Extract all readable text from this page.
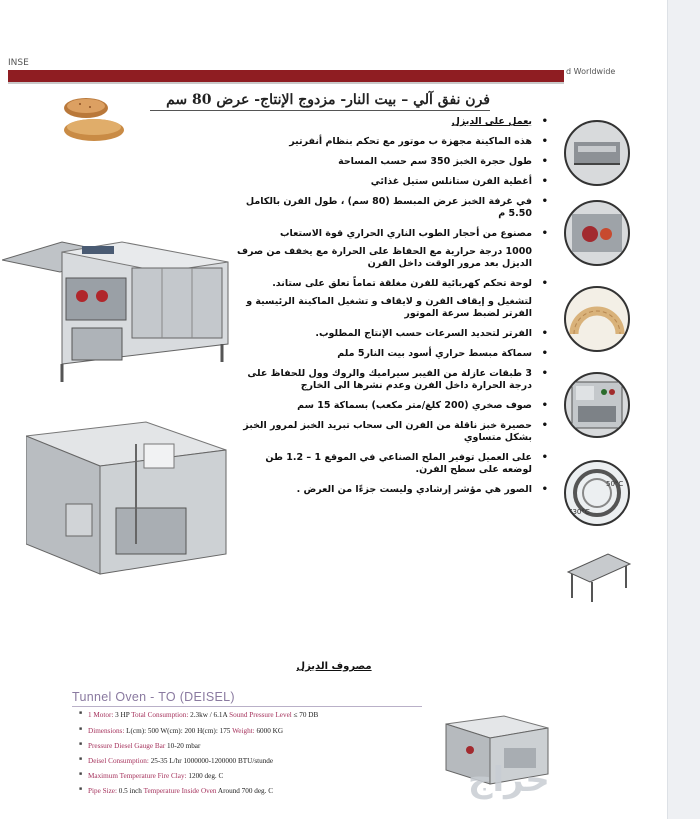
INSE
d Worldwide
فرن نفق آلي – بيت النار- مزدوج الإنتاج- عرض 80 سم
• يعمل على الديزل
• هذه الماكينة مجهزة ب موتور مع تحكم بنظام أنفرتير
• طول حجرة الخبز 350 سم حسب المساحة
• أغطية الفرن ستانلس ستيل غذائي
• في غرفة الخبز عرض المبسط (80 سم) ، طول الفرن بالكامل 5.50 م
• مصنوع من أحجار الطوب الناري الحراري قوة الاستعاب
1000 درجة حرارية مع الحفاظ على الحرارة مع يخفف من صرف الديزل بعد مرور الوقت داخل الفرن
• لوحة تحكم كهربائية للفرن مغلقة تماماً تعلق على ستاند.
لتشغيل و إيقاف الفرن و لايقاف و تشغيل الماكينة الرئيسية و الفرتر لضبط سرعة الموتور
• الفرتر لتحديد السرعات حسب الإنتاج المطلوب.
• سماكة مبسط حراري أسود بيت النار5 ملم
• 3 طبقات عازلة من الفيبر سيراميك والروك وول للحفاظ على درجة الحرارة داخل الفرن وعدم نشرها الى الخارج
• صوف صخري (200 كلغ/متر مكعب) بسماكة 15 سم
• حصيرة خبز ناقلة من الفرن الى سحاب تبريد الخبز لمرور الخبز بشكل متساوي
• على العميل توفير الملح الصناعي في الموقع 1 – 1.2 طن لوضعه على سطح الفرن.
• الصور هي مؤشر إرشادي وليست جزءًا من العرض .	50°C
730°C
مصروف الديزل
Tunnel Oven - TO (DEISEL)
■ 1 Motor: 3 HP Total Consumption: 2.3kw / 6.1A Sound Pressure Level ≤ 70 DB
■ Dimensions: L(cm): 500 W(cm): 200 H(cm): 175 Weight: 6000 KG
■ Pressure Diesel Gauge Bar 10-20 mbar
■ Deisel Consumption: 25-35 L/hr 1000000-1200000 BTU/stunde
■ Maximum Temperature Fire Clay: 1200 deg. C
■ Pipe Size: 0.5 inch Temperature Inside Oven Around 700 deg. C	حراج
